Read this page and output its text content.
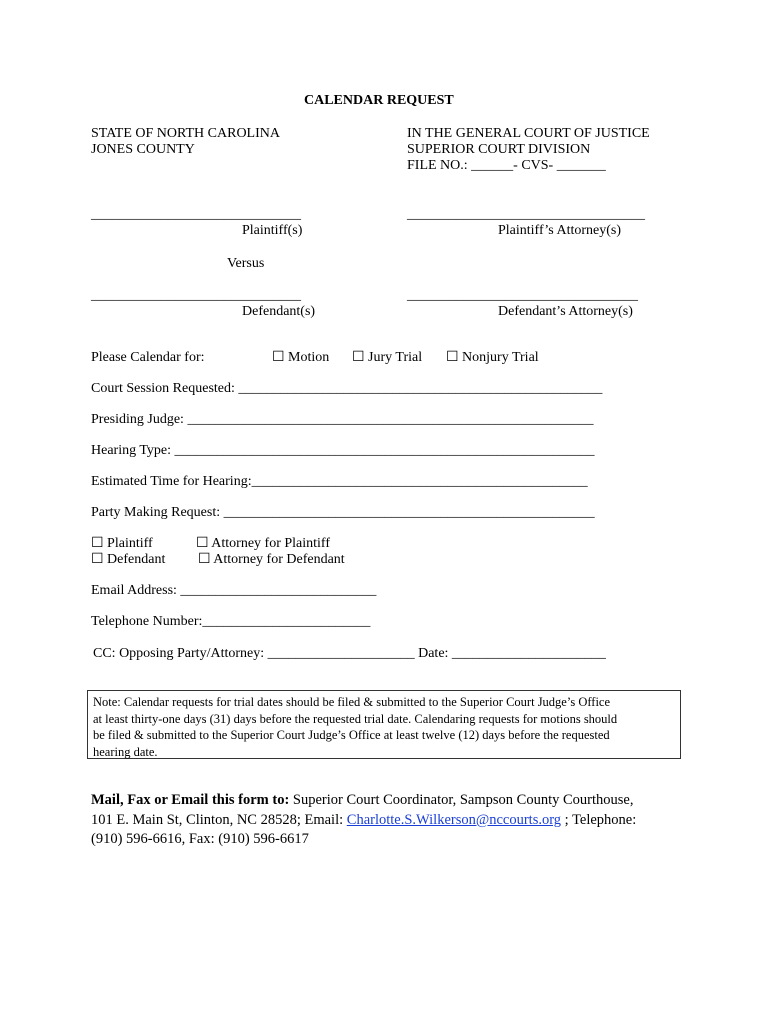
CALENDAR REQUEST
STATE OF NORTH CAROLINA
JONES COUNTY
IN THE GENERAL COURT OF JUSTICE
SUPERIOR COURT DIVISION
FILE NO.: ______- CVS- _______
______________________________	__________________________________
Plaintiff(s)	Plaintiff’s Attorney(s)
Versus
______________________________	_________________________________
Defendant(s)	Defendant’s Attorney(s)
Please Calendar for:	☐ Motion ☐ Jury Trial ☐ Nonjury Trial
Court Session Requested: ____________________________________________________
Presiding Judge: __________________________________________________________
Hearing Type: ____________________________________________________________
Estimated Time for Hearing:________________________________________________
Party Making Request: _____________________________________________________
☐ Plaintiff	☐ Attorney for Plaintiff
☐ Defendant ☐ Attorney for Defendant
Email Address: ____________________________
Telephone Number:________________________
CC: Opposing Party/Attorney: _____________________ Date: ______________________
Note: Calendar requests for trial dates should be filed & submitted to the Superior Court Judge’s Office
at least thirty-one days (31) days before the requested trial date. Calendaring requests for motions should
be filed & submitted to the Superior Court Judge’s Office at least twelve (12) days before the requested
hearing date.
Mail, Fax or Email this form to: Superior Court Coordinator, Sampson County Courthouse,
101 E. Main St, Clinton, NC 28528; Email: Charlotte.S.Wilkerson@nccourts.org ; Telephone:
(910) 596-6616, Fax: (910) 596-6617
